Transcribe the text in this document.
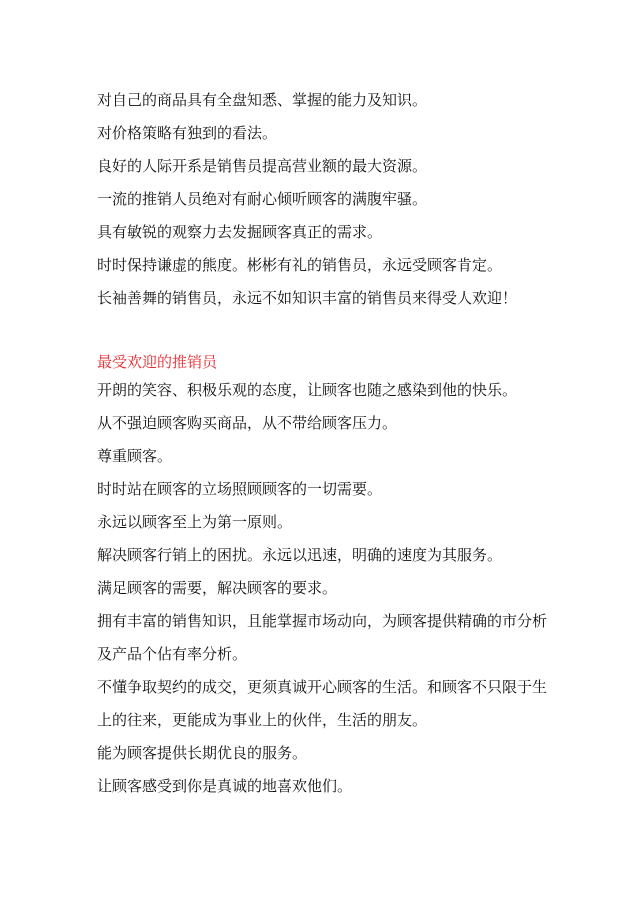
对自己的商品具有全盘知悉、掌握的能力及知识。
对价格策略有独到的看法。
良好的人际开系是销售员提高营业额的最大资源。
一流的推销人员绝对有耐心倾听顾客的满腹牢骚。
具有敏锐的观察力去发掘顾客真正的需求。
时时保持谦虚的熊度。彬彬有礼的销售员，永远受顾客肯定。
长袖善舞的销售员，永远不如知识丰富的销售员来得受人欢迎！
最受欢迎的推销员
开朗的笑容、积极乐观的态度，让顾客也随之感染到他的快乐。
从不强迫顾客购买商品，从不带给顾客压力。
尊重顾客。
时时站在顾客的立场照顾顾客的一切需要。
永远以顾客至上为第一原则。
解决顾客行销上的困扰。永远以迅速，明确的速度为其服务。
满足顾客的需要，解决顾客的要求。
拥有丰富的销售知识，且能掌握市场动向，为顾客提供精确的市分析
及产品个佔有率分析。
不懂争取契约的成交，更须真诚开心顾客的生活。和顾客不只限于生
上的往来，更能成为事业上的伙伴，生活的朋友。
能为顾客提供长期优良的服务。
让顾客感受到你是真诚的地喜欢他们。
